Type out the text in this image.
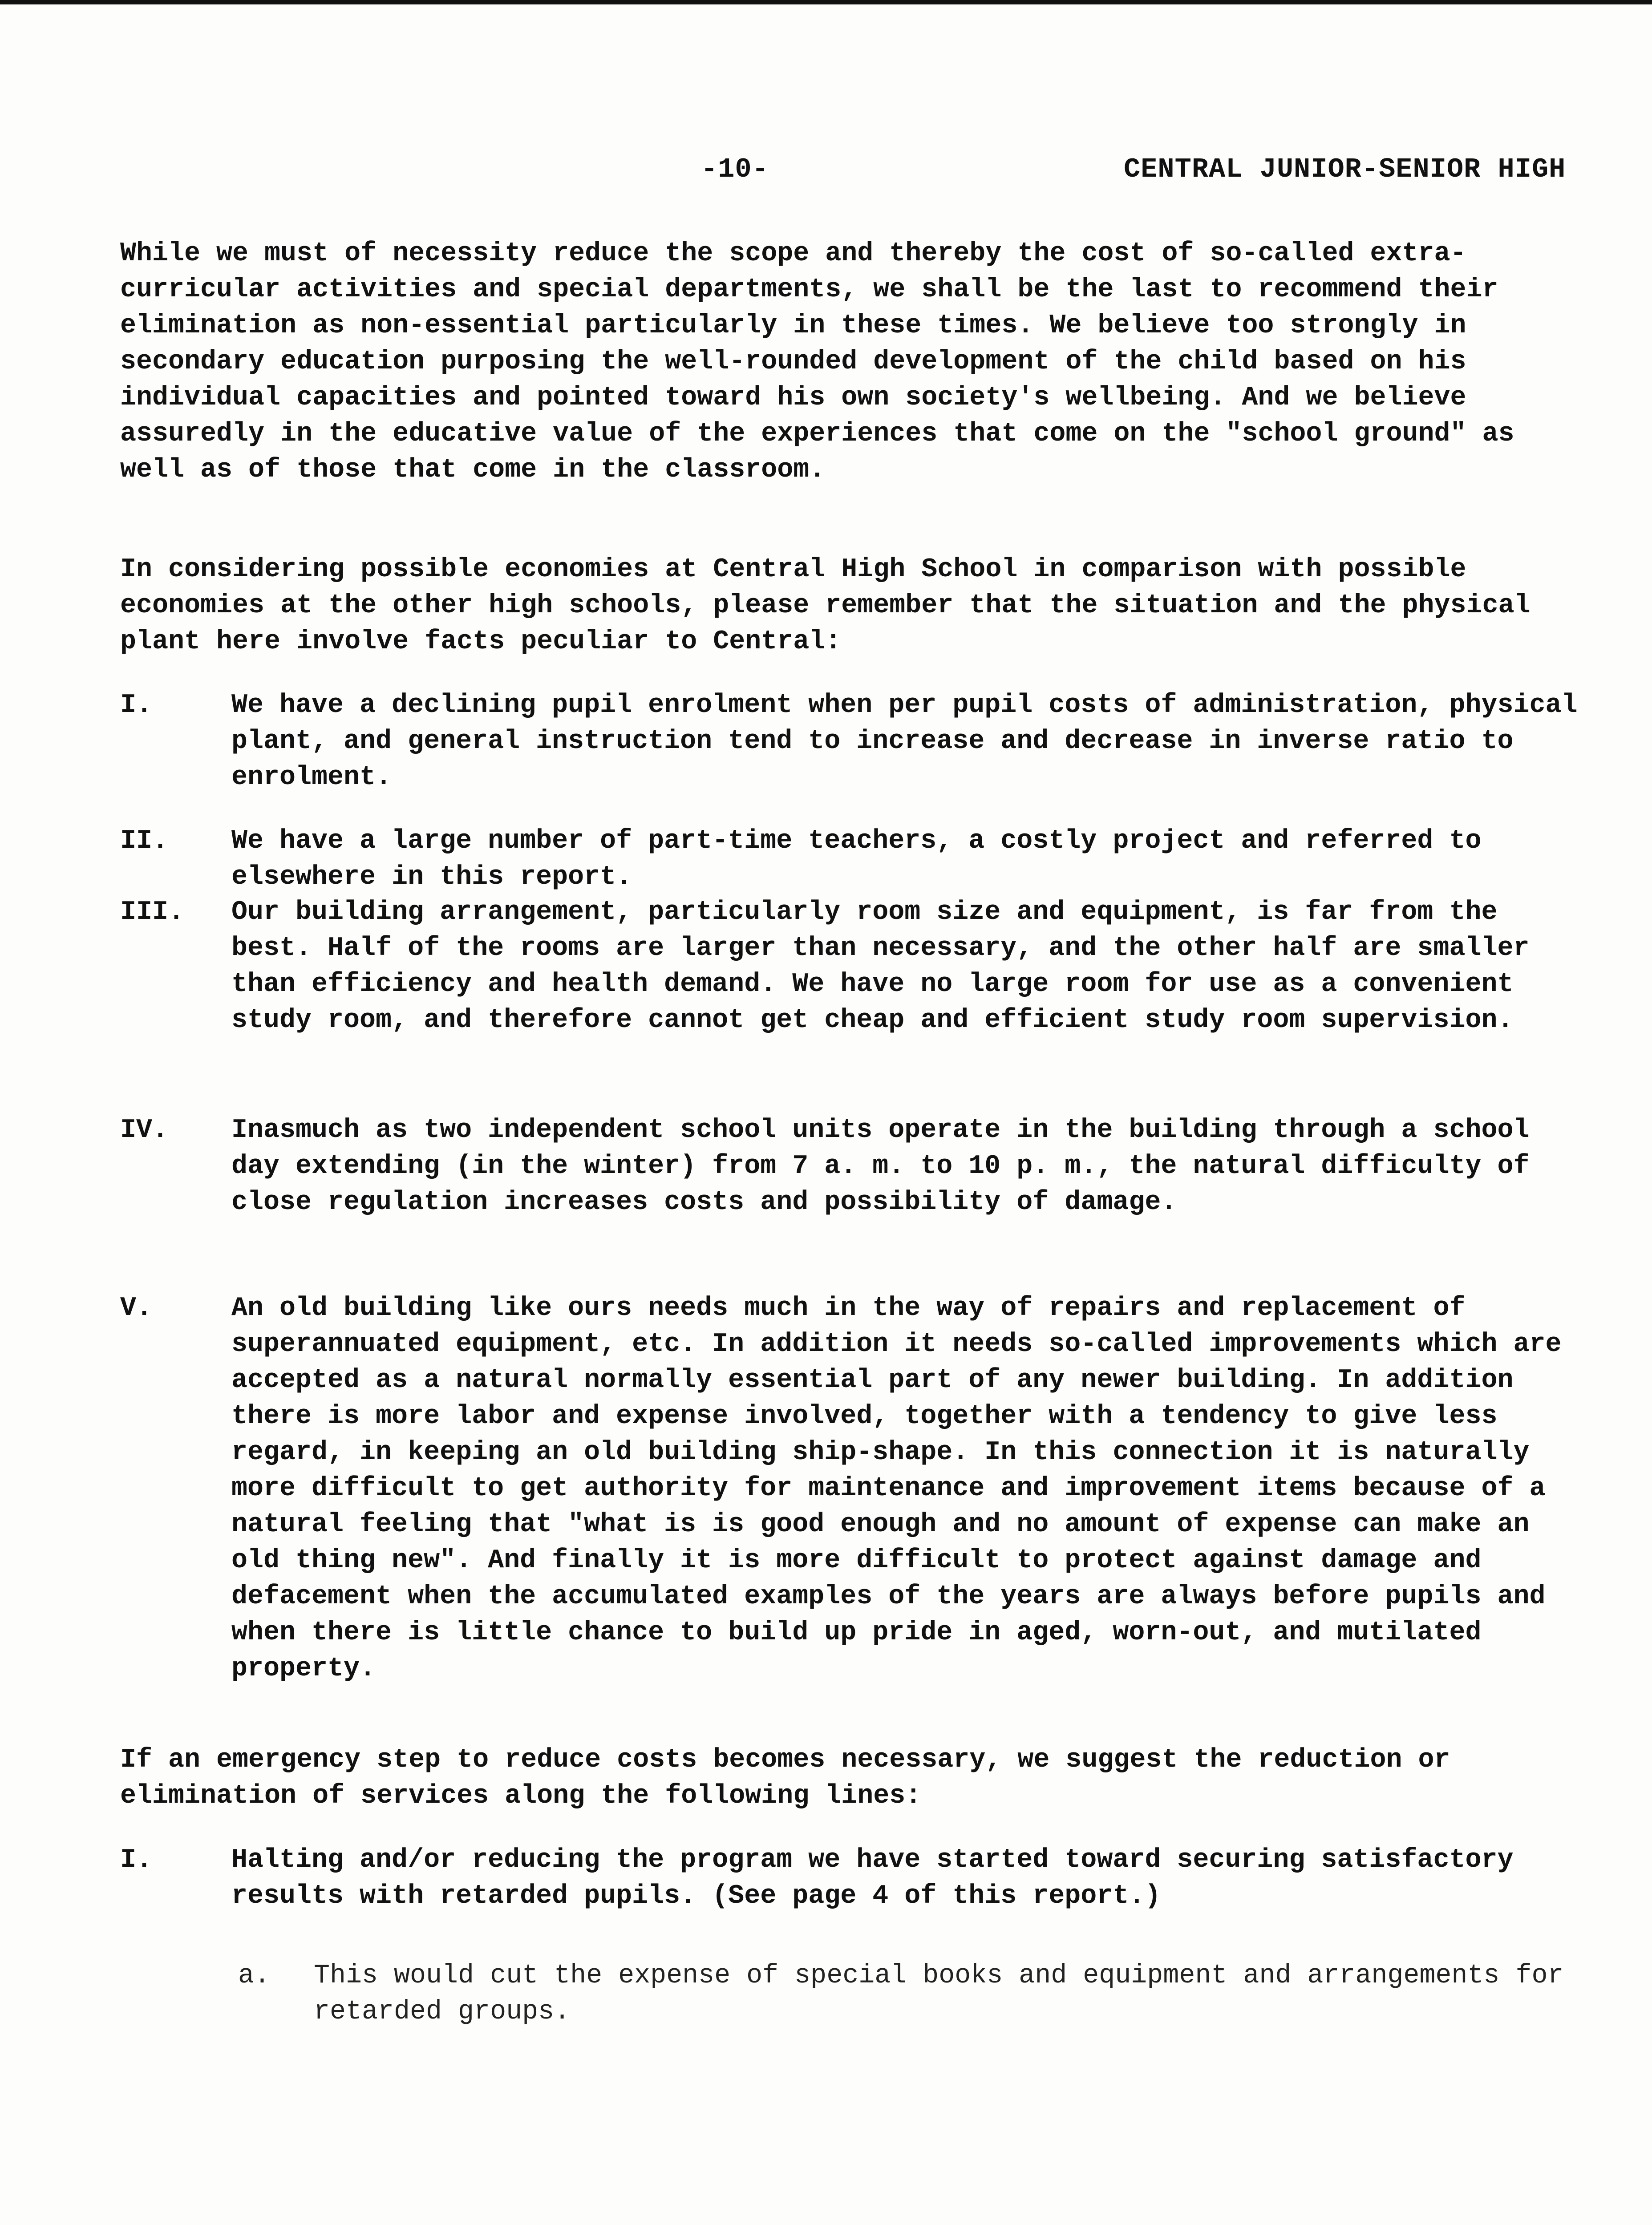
-10-	CENTRAL JUNIOR-SENIOR HIGH
While we must of necessity reduce the scope and thereby the cost of so-called extra-curricular activities and special departments, we shall be the last to recommend their elimination as non-essential particularly in these times. We believe too strongly in secondary education purposing the well-rounded development of the child based on his individual capacities and pointed toward his own society's wellbeing. And we believe assuredly in the educative value of the experiences that come on the "school ground" as well as of those that come in the classroom.
In considering possible economies at Central High School in comparison with possible economies at the other high schools, please remember that the situation and the physical plant here involve facts peculiar to Central:
I.	We have a declining pupil enrolment when per pupil costs of administration, physical plant, and general instruction tend to increase and decrease in inverse ratio to enrolment.
II.	We have a large number of part-time teachers, a costly project and referred to elsewhere in this report.
III.	Our building arrangement, particularly room size and equipment, is far from the best. Half of the rooms are larger than necessary, and the other half are smaller than efficiency and health demand. We have no large room for use as a convenient study room, and therefore cannot get cheap and efficient study room supervision.
IV.	Inasmuch as two independent school units operate in the building through a school day extending (in the winter) from 7 a. m. to 10 p. m., the natural difficulty of close regulation increases costs and possibility of damage.
V.	An old building like ours needs much in the way of repairs and replacement of superannuated equipment, etc. In addition it needs so-called improvements which are accepted as a natural normally essential part of any newer building. In addition there is more labor and expense involved, together with a tendency to give less regard, in keeping an old building ship-shape. In this connection it is naturally more difficult to get authority for maintenance and improvement items because of a natural feeling that "what is is good enough and no amount of expense can make an old thing new". And finally it is more difficult to protect against damage and defacement when the accumulated examples of the years are always before pupils and when there is little chance to build up pride in aged, worn-out, and mutilated property.
If an emergency step to reduce costs becomes necessary, we suggest the reduction or elimination of services along the following lines:
I.	Halting and/or reducing the program we have started toward securing satisfactory results with retarded pupils. (See page 4 of this report.)
a.	This would cut the expense of special books and equipment and arrangements for retarded groups.
